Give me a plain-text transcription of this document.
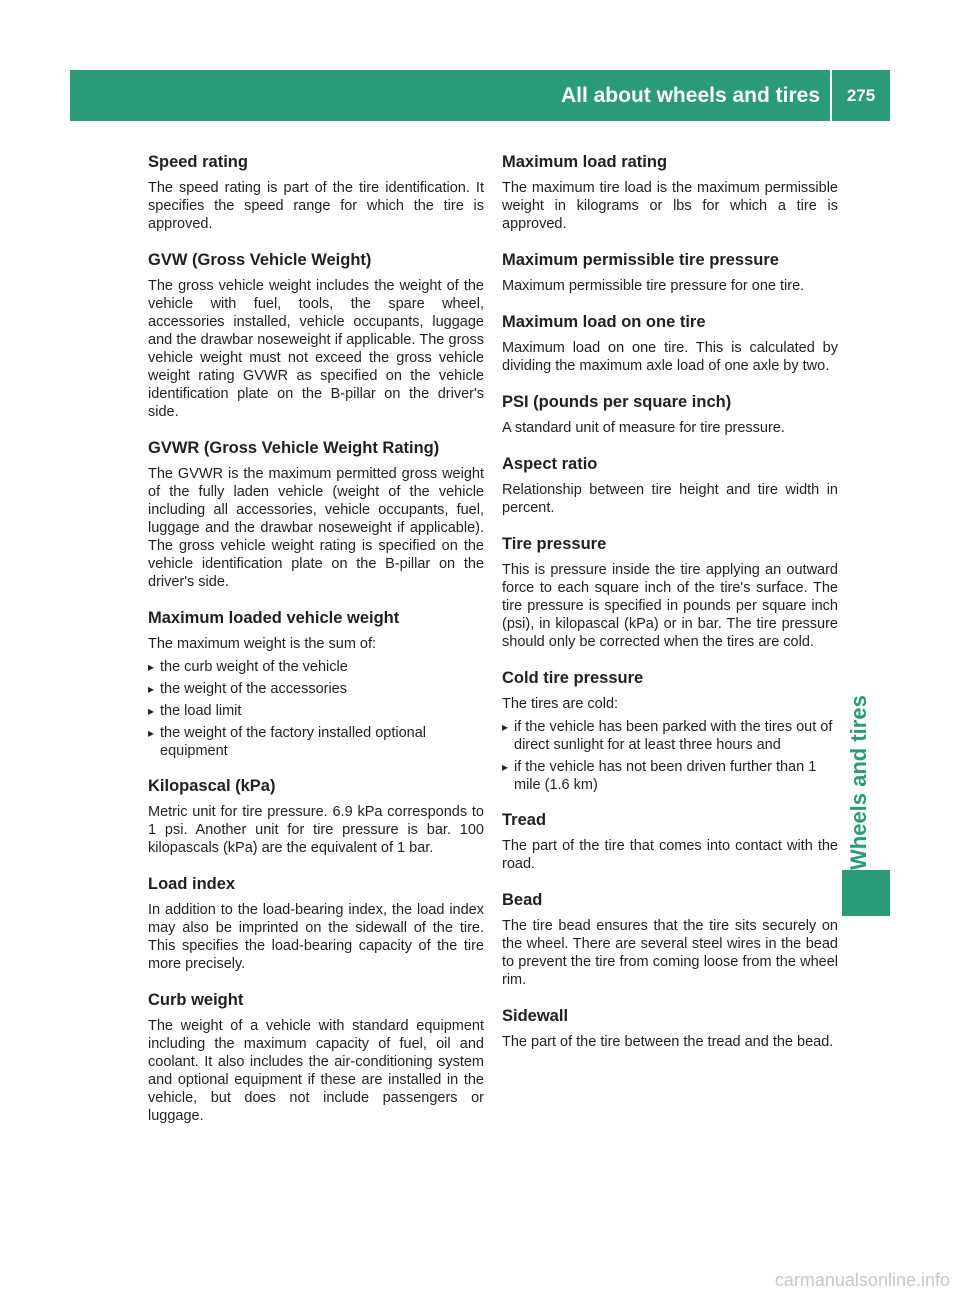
All about wheels and tires	275
Wheels and tires
Speed rating

The speed rating is part of the tire identification. It specifies the speed range for which the tire is approved.

GVW (Gross Vehicle Weight)

The gross vehicle weight includes the weight of the vehicle with fuel, tools, the spare wheel, accessories installed, vehicle occupants, luggage and the drawbar noseweight if applicable. The gross vehicle weight must not exceed the gross vehicle weight rating GVWR as specified on the vehicle identification plate on the B-pillar on the driver's side.

GVWR (Gross Vehicle Weight Rating)

The GVWR is the maximum permitted gross weight of the fully laden vehicle (weight of the vehicle including all accessories, vehicle occupants, fuel, luggage and the drawbar noseweight if applicable). The gross vehicle weight rating is specified on the vehicle identification plate on the B-pillar on the driver's side.

Maximum loaded vehicle weight

The maximum weight is the sum of:

▸ the curb weight of the vehicle
▸ the weight of the accessories
▸ the load limit
▸ the weight of the factory installed optional equipment
Kilopascal (kPa)

Metric unit for tire pressure. 6.9 kPa corresponds to 1 psi. Another unit for tire pressure is bar. 100 kilopascals (kPa) are the equivalent of 1 bar.

Load index

In addition to the load-bearing index, the load index may also be imprinted on the sidewall of the tire. This specifies the load-bearing capacity of the tire more precisely.

Curb weight

The weight of a vehicle with standard equipment including the maximum capacity of fuel, oil and coolant. It also includes the air-conditioning system and optional equipment if these are installed in the vehicle, but does not include passengers or luggage.

Maximum load rating

The maximum tire load is the maximum permissible weight in kilograms or lbs for which a tire is approved.

Maximum permissible tire pressure

Maximum permissible tire pressure for one tire.

Maximum load on one tire

Maximum load on one tire. This is calculated by dividing the maximum axle load of one axle by two.

PSI (pounds per square inch)

A standard unit of measure for tire pressure.

Aspect ratio

Relationship between tire height and tire width in percent.

Tire pressure

This is pressure inside the tire applying an outward force to each square inch of the tire's surface. The tire pressure is specified in pounds per square inch (psi), in kilopascal (kPa) or in bar. The tire pressure should only be corrected when the tires are cold.

Cold tire pressure

The tires are cold:

▸ if the vehicle has been parked with the tires out of direct sunlight for at least three hours and
▸ if the vehicle has not been driven further than 1 mile (1.6 km)
Tread

The part of the tire that comes into contact with the road.

Bead

The tire bead ensures that the tire sits securely on the wheel. There are several steel wires in the bead to prevent the tire from coming loose from the wheel rim.

Sidewall

The part of the tire between the tread and the bead.

carmanualsonline.info
